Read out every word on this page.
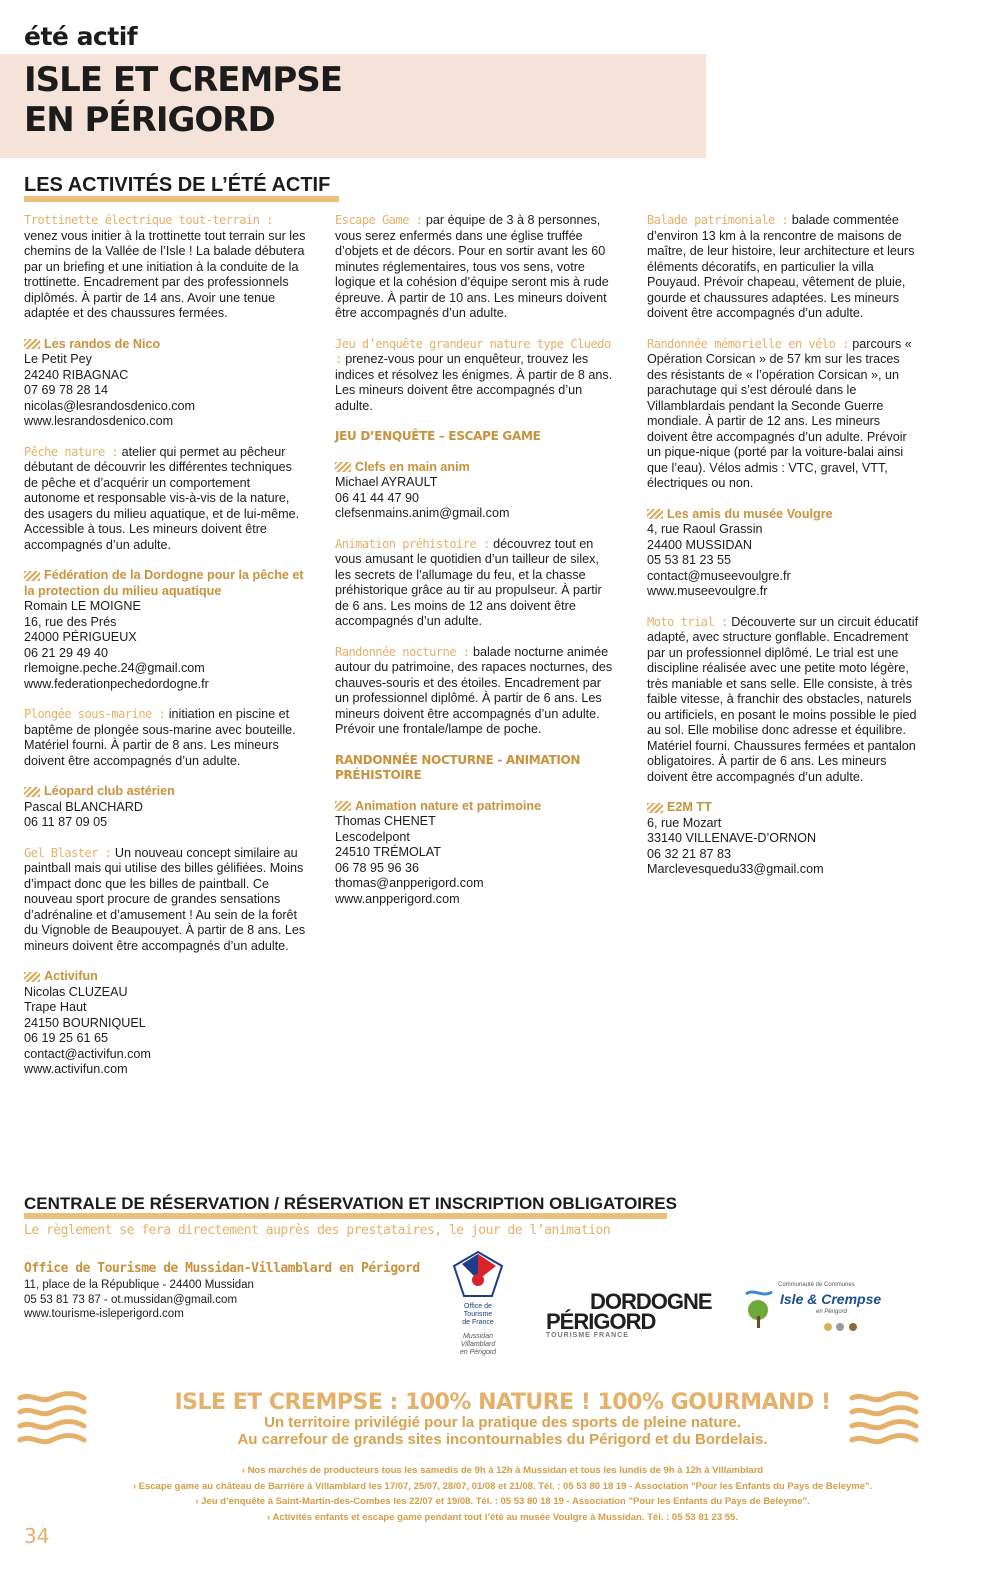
été actif
ISLE ET CREMPSE
EN PÉRIGORD
LES ACTIVITÉS DE L’ÉTÉ ACTIF
Trottinette électrique tout-terrain : venez vous initier à la trottinette tout terrain sur les chemins de la Vallée de l’Isle ! La balade débutera par un briefing et une initiation à la conduite de la trottinette. Encadrement par des professionnels diplômés. À partir de 14 ans. Avoir une tenue adaptée et des chaussures fermées.
Les randos de Nico
Le Petit Pey
24240 RIBAGNAC
07 69 78 28 14
nicolas@lesrandosdenico.com
www.lesrandosdenico.com
Pêche nature : atelier qui permet au pêcheur débutant de découvrir les différentes techniques de pêche et d’acquérir un comportement autonome et responsable vis-à-vis de la nature, des usagers du milieu aquatique, et de lui-même. Accessible à tous. Les mineurs doivent être accompagnés d’un adulte.
Fédération de la Dordogne pour la pêche et la protection du milieu aquatique
Romain LE MOIGNE
16, rue des Prés
24000 PÉRIGUEUX
06 21 29 49 40
rlemoigne.peche.24@gmail.com
www.federationpechedordogne.fr
Plongée sous-marine : initiation en piscine et baptême de plongée sous-marine avec bouteille. Matériel fourni. À partir de 8 ans. Les mineurs doivent être accompagnés d’un adulte.
Léopard club astérien
Pascal BLANCHARD
06 11 87 09 05
Gel Blaster : Un nouveau concept similaire au paintball mais qui utilise des billes gélifiées. Moins d’impact donc que les billes de paintball. Ce nouveau sport procure de grandes sensations d’adrénaline et d’amusement ! Au sein de la forêt du Vignoble de Beaupouyet. À partir de 8 ans. Les mineurs doivent être accompagnés d’un adulte.
Activifun
Nicolas CLUZEAU
Trape Haut
24150 BOURNIQUEL
06 19 25 61 65
contact@activifun.com
www.activifun.com
Escape Game : par équipe de 3 à 8 personnes, vous serez enfermés dans une église truffée d’objets et de décors. Pour en sortir avant les 60 minutes réglementaires, tous vos sens, votre logique et la cohésion d’équipe seront mis à rude épreuve. À partir de 10 ans. Les mineurs doivent être accompagnés d’un adulte.
Jeu d’enquête grandeur nature type Cluedo : prenez-vous pour un enquêteur, trouvez les indices et résolvez les énigmes. À partir de 8 ans. Les mineurs doivent être accompagnés d’un adulte.
JEU D’ENQUÊTE – ESCAPE GAME
Clefs en main anim
Michael AYRAULT
06 41 44 47 90
clefsenmains.anim@gmail.com
Animation préhistoire : découvrez tout en vous amusant le quotidien d’un tailleur de silex, les secrets de l’allumage du feu, et la chasse préhistorique grâce au tir au propulseur. À partir de 6 ans. Les moins de 12 ans doivent être accompagnés d’un adulte.
Randonnée nocturne : balade nocturne animée autour du patrimoine, des rapaces nocturnes, des chauves-souris et des étoiles. Encadrement par un professionnel diplômé. À partir de 6 ans. Les mineurs doivent être accompagnés d’un adulte. Prévoir une frontale/lampe de poche.
RANDONNÉE NOCTURNE - ANIMATION PRÉHISTOIRE
Animation nature et patrimoine
Thomas CHENET
Lescodelpont
24510 TRÉMOLAT
06 78 95 96 36
thomas@anpperigord.com
www.anpperigord.com
Balade patrimoniale : balade commentée d’environ 13 km à la rencontre de maisons de maître, de leur histoire, leur architecture et leurs éléments décoratifs, en particulier la villa Pouyaud. Prévoir chapeau, vêtement de pluie, gourde et chaussures adaptées. Les mineurs doivent être accompagnés d’un adulte.
Randonnée mémorielle en vélo : parcours « Opération Corsican » de 57 km sur les traces des résistants de « l’opération Corsican », un parachutage qui s’est déroulé dans le Villamblardais pendant la Seconde Guerre mondiale. À partir de 12 ans. Les mineurs doivent être accompagnés d’un adulte. Prévoir un pique-nique (porté par la voiture-balai ainsi que l’eau). Vélos admis : VTC, gravel, VTT, électriques ou non.
Les amis du musée Voulgre
4, rue Raoul Grassin
24400 MUSSIDAN
05 53 81 23 55
contact@museevoulgre.fr
www.museevoulgre.fr
Moto trial : Découverte sur un circuit éducatif adapté, avec structure gonflable. Encadrement par un professionnel diplômé. Le trial est une discipline réalisée avec une petite moto légère, très maniable et sans selle. Elle consiste, à très faible vitesse, à franchir des obstacles, naturels ou artificiels, en posant le moins possible le pied au sol. Elle mobilise donc adresse et équilibre. Matériel fourni. Chaussures fermées et pantalon obligatoires. À partir de 6 ans. Les mineurs doivent être accompagnés d’un adulte.
E2M TT
6, rue Mozart
33140 VILLENAVE-D’ORNON
06 32 21 87 83
Marclevesquedu33@gmail.com
CENTRALE DE RÉSERVATION / RÉSERVATION ET INSCRIPTION OBLIGATOIRES
Le règlement se fera directement auprès des prestataires, le jour de l’animation
Office de Tourisme de Mussidan-Villamblard en Périgord
11, place de la République - 24400 Mussidan
05 53 81 73 87 - ot.mussidan@gmail.com
www.tourisme-isleperigord.com
Office de
Tourisme
de France
Mussidan
Villamblard
en Périgord
DORDOGNE
PÉRIGORD
TOURISME FRANCE
Communauté de Communes
Isle & Crempse
en Périgord

ISLE ET CREMPSE : 100% NATURE ! 100% GOURMAND !
Un territoire privilégié pour la pratique des sports de pleine nature.
Au carrefour de grands sites incontournables du Périgord et du Bordelais.
› Nos marchés de producteurs tous les samedis de 9h à 12h à Mussidan et tous les lundis de 9h à 12h à Villamblard
› Escape game au château de Barrière à Villamblard les 17/07, 25/07, 28/07, 01/08 et 21/08. Tél. : 05 53 80 18 19 - Association "Pour les Enfants du Pays de Beleyme".
› Jeu d’enquête à Saint-Martin-des-Combes les 22/07 et 19/08. Tél. : 05 53 80 18 19 - Association "Pour les Enfants du Pays de Beleyme".
› Activités enfants et escape game pendant tout l’été au musée Voulgre à Mussidan. Tél. : 05 53 81 23 55.
34
